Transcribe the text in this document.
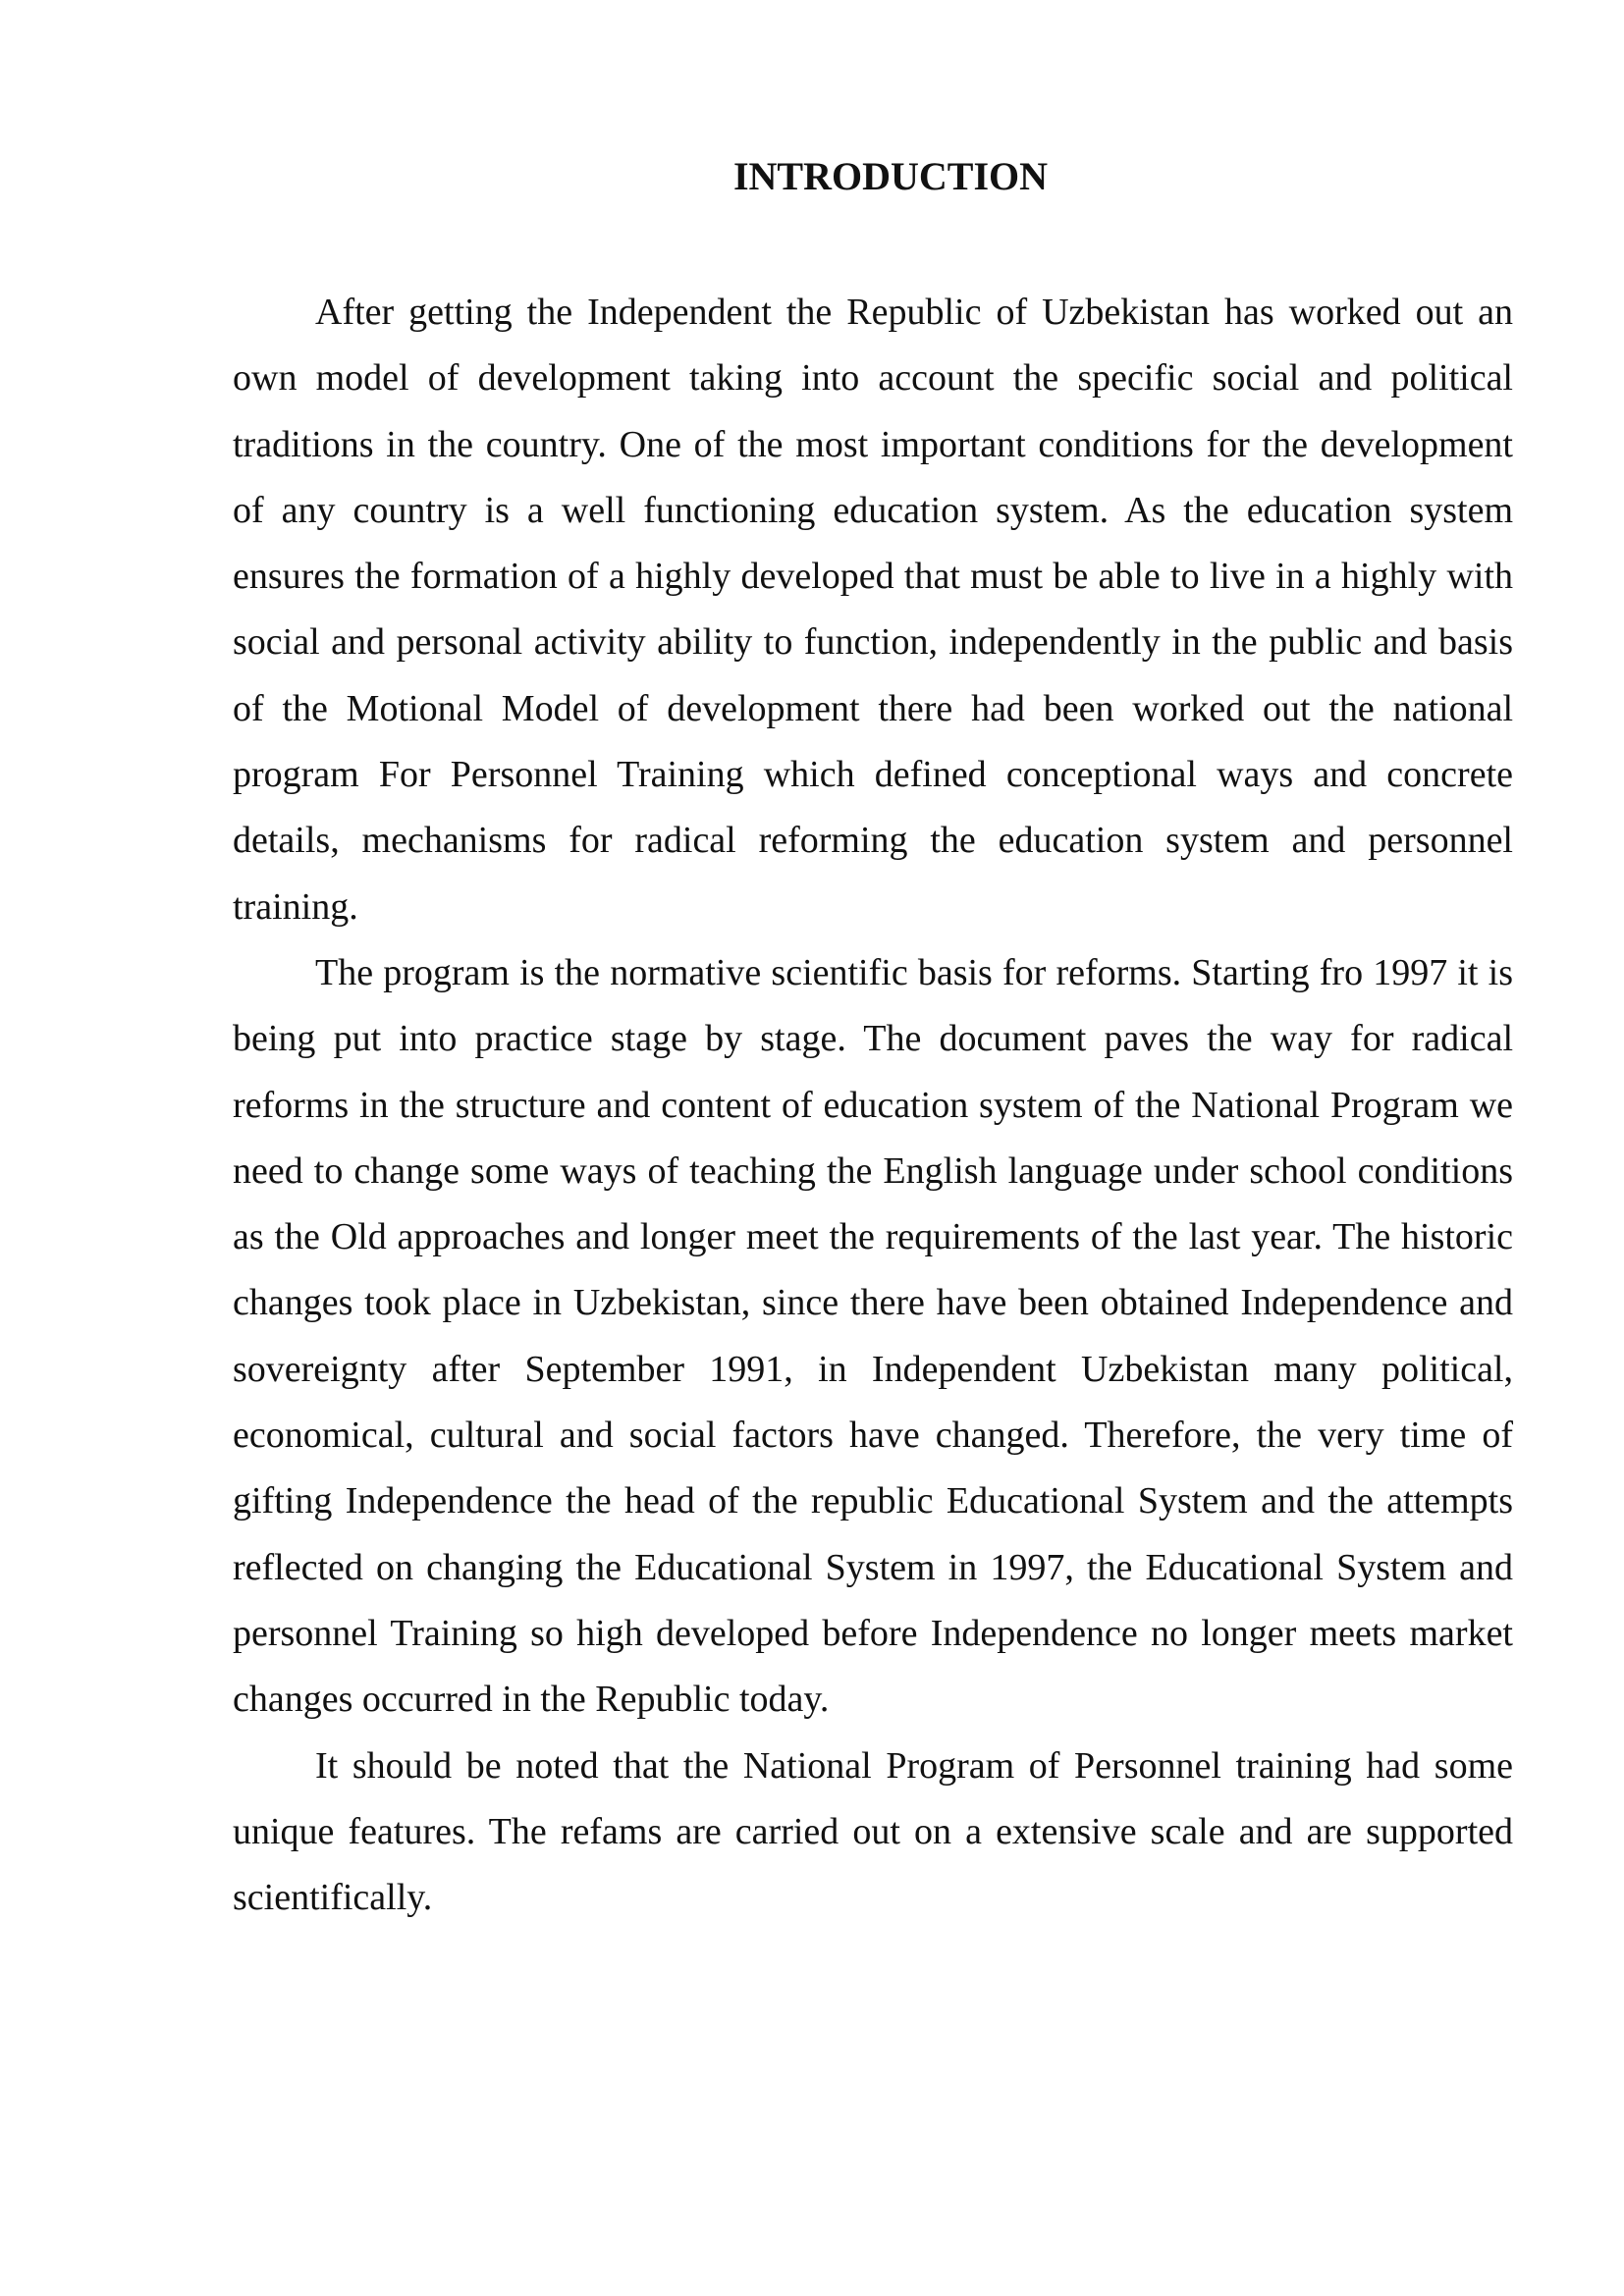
INTRODUCTION

After getting the Independent the Republic of Uzbekistan has worked out an own model of development taking into account the specific social and political traditions in the country. One of the most important conditions for the development of any country is a well functioning education system. As the education system ensures the formation of a highly developed that must be able to live in a highly with social and personal activity ability to function, independently in the public and basis of the Motional Model of development there had been worked out the national program For Personnel Training which defined conceptional ways and concrete details, mechanisms for radical reforming the education system and personnel training.

The program is the normative scientific basis for reforms. Starting fro 1997 it is being put into practice stage by stage. The document paves the way for radical reforms in the structure and content of education system of the National Program we need to change some ways of teaching the English language under school conditions as the Old approaches and longer meet the requirements of the last year. The historic changes took place in Uzbekistan, since there have been obtained Independence and sovereignty after September 1991, in Independent Uzbekistan many political, economical, cultural and social factors have changed. Therefore, the very time of gifting Independence the head of the republic Educational System and the attempts reflected on changing the Educational System in 1997, the Educational System and personnel Training so high developed before Independence no longer meets market changes occurred in the Republic today.

It should be noted that the National Program of Personnel training had some unique features. The refams are carried out on a extensive scale and are supported scientifically.
